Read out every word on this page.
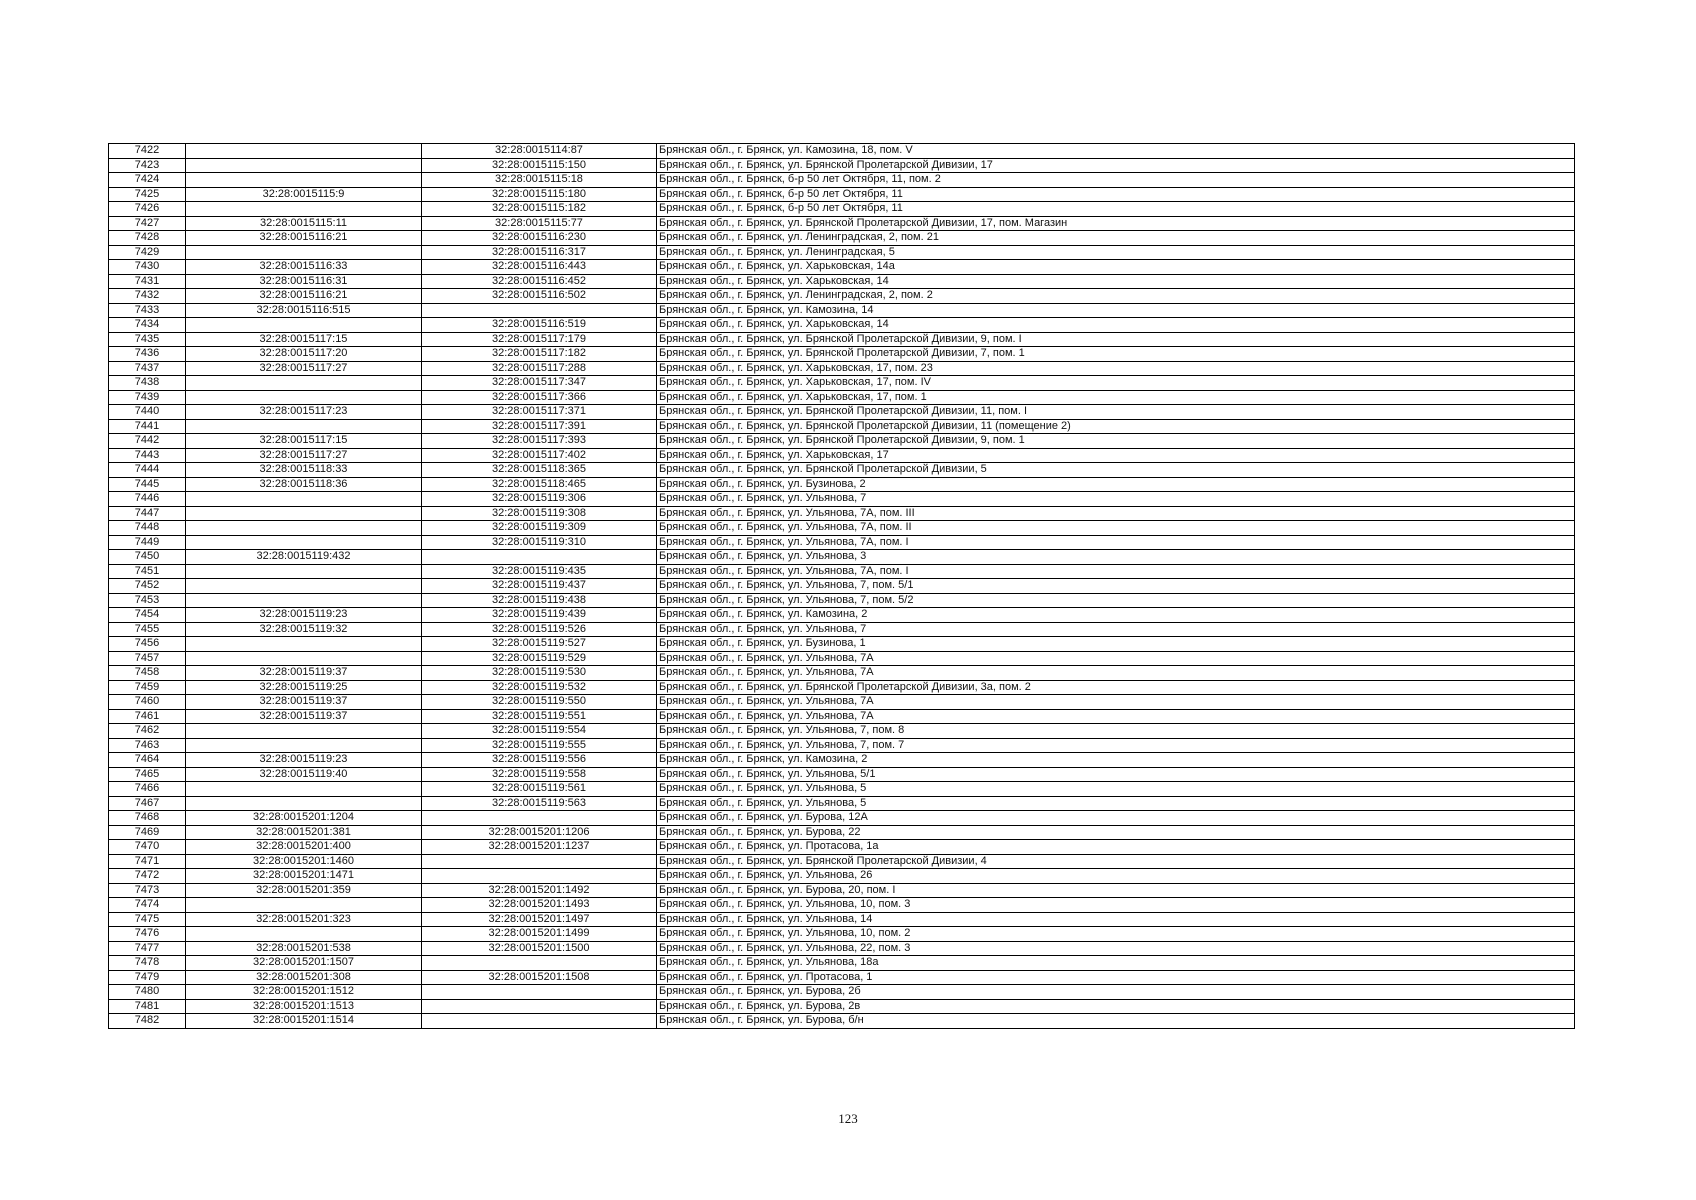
7422		32:28:0015114:87	Брянская обл., г. Брянск, ул. Камозина, 18, пом. V
7423		32:28:0015115:150	Брянская обл., г. Брянск, ул. Брянской Пролетарской Дивизии, 17
7424		32:28:0015115:18	Брянская обл., г. Брянск, б-р 50 лет Октября, 11, пом. 2
7425	32:28:0015115:9	32:28:0015115:180	Брянская обл., г. Брянск, б-р 50 лет Октября, 11
7426		32:28:0015115:182	Брянская обл., г. Брянск, б-р 50 лет Октября, 11
7427	32:28:0015115:11	32:28:0015115:77	Брянская обл., г. Брянск, ул. Брянской Пролетарской Дивизии, 17, пом. Магазин
7428	32:28:0015116:21	32:28:0015116:230	Брянская обл., г. Брянск, ул. Ленинградская, 2, пом. 21
7429		32:28:0015116:317	Брянская обл., г. Брянск, ул. Ленинградская, 5
7430	32:28:0015116:33	32:28:0015116:443	Брянская обл., г. Брянск, ул. Харьковская, 14а
7431	32:28:0015116:31	32:28:0015116:452	Брянская обл., г. Брянск, ул. Харьковская, 14
7432	32:28:0015116:21	32:28:0015116:502	Брянская обл., г. Брянск, ул. Ленинградская, 2, пом. 2
7433	32:28:0015116:515		Брянская обл., г. Брянск, ул. Камозина, 14
7434		32:28:0015116:519	Брянская обл., г. Брянск, ул. Харьковская, 14
7435	32:28:0015117:15	32:28:0015117:179	Брянская обл., г. Брянск, ул. Брянской Пролетарской Дивизии, 9, пом. I
7436	32:28:0015117:20	32:28:0015117:182	Брянская обл., г. Брянск, ул. Брянской Пролетарской Дивизии, 7, пом. 1
7437	32:28:0015117:27	32:28:0015117:288	Брянская обл., г. Брянск, ул. Харьковская, 17, пом. 23
7438		32:28:0015117:347	Брянская обл., г. Брянск, ул. Харьковская, 17, пом. IV
7439		32:28:0015117:366	Брянская обл., г. Брянск, ул. Харьковская, 17, пом. 1
7440	32:28:0015117:23	32:28:0015117:371	Брянская обл., г. Брянск, ул. Брянской Пролетарской Дивизии, 11, пом. I
7441		32:28:0015117:391	Брянская обл., г. Брянск, ул. Брянской Пролетарской Дивизии, 11 (помещение 2)
7442	32:28:0015117:15	32:28:0015117:393	Брянская обл., г. Брянск, ул. Брянской Пролетарской Дивизии, 9, пом. 1
7443	32:28:0015117:27	32:28:0015117:402	Брянская обл., г. Брянск, ул. Харьковская, 17
7444	32:28:0015118:33	32:28:0015118:365	Брянская обл., г. Брянск, ул. Брянской Пролетарской Дивизии, 5
7445	32:28:0015118:36	32:28:0015118:465	Брянская обл., г. Брянск, ул. Бузинова, 2
7446		32:28:0015119:306	Брянская обл., г. Брянск, ул. Ульянова, 7
7447		32:28:0015119:308	Брянская обл., г. Брянск, ул. Ульянова, 7А, пом. III
7448		32:28:0015119:309	Брянская обл., г. Брянск, ул. Ульянова, 7А, пом. II
7449		32:28:0015119:310	Брянская обл., г. Брянск, ул. Ульянова, 7А, пом. I
7450	32:28:0015119:432		Брянская обл., г. Брянск, ул. Ульянова, 3
7451		32:28:0015119:435	Брянская обл., г. Брянск, ул. Ульянова, 7А, пом. I
7452		32:28:0015119:437	Брянская обл., г. Брянск, ул. Ульянова, 7, пом. 5/1
7453		32:28:0015119:438	Брянская обл., г. Брянск, ул. Ульянова, 7, пом. 5/2
7454	32:28:0015119:23	32:28:0015119:439	Брянская обл., г. Брянск, ул. Камозина, 2
7455	32:28:0015119:32	32:28:0015119:526	Брянская обл., г. Брянск, ул. Ульянова, 7
7456		32:28:0015119:527	Брянская обл., г. Брянск, ул. Бузинова, 1
7457		32:28:0015119:529	Брянская обл., г. Брянск, ул. Ульянова, 7А
7458	32:28:0015119:37	32:28:0015119:530	Брянская обл., г. Брянск, ул. Ульянова, 7А
7459	32:28:0015119:25	32:28:0015119:532	Брянская обл., г. Брянск, ул. Брянской Пролетарской Дивизии, 3а, пом. 2
7460	32:28:0015119:37	32:28:0015119:550	Брянская обл., г. Брянск, ул. Ульянова, 7А
7461	32:28:0015119:37	32:28:0015119:551	Брянская обл., г. Брянск, ул. Ульянова, 7А
7462		32:28:0015119:554	Брянская обл., г. Брянск, ул. Ульянова, 7, пом. 8
7463		32:28:0015119:555	Брянская обл., г. Брянск, ул. Ульянова, 7, пом. 7
7464	32:28:0015119:23	32:28:0015119:556	Брянская обл., г. Брянск, ул. Камозина, 2
7465	32:28:0015119:40	32:28:0015119:558	Брянская обл., г. Брянск, ул. Ульянова, 5/1
7466		32:28:0015119:561	Брянская обл., г. Брянск, ул. Ульянова, 5
7467		32:28:0015119:563	Брянская обл., г. Брянск, ул. Ульянова, 5
7468	32:28:0015201:1204		Брянская обл., г. Брянск, ул. Бурова, 12А
7469	32:28:0015201:381	32:28:0015201:1206	Брянская обл., г. Брянск, ул. Бурова, 22
7470	32:28:0015201:400	32:28:0015201:1237	Брянская обл., г. Брянск, ул. Протасова, 1а
7471	32:28:0015201:1460		Брянская обл., г. Брянск, ул. Брянской Пролетарской Дивизии, 4
7472	32:28:0015201:1471		Брянская обл., г. Брянск, ул. Ульянова, 26
7473	32:28:0015201:359	32:28:0015201:1492	Брянская обл., г. Брянск, ул. Бурова, 20, пом. I
7474		32:28:0015201:1493	Брянская обл., г. Брянск, ул. Ульянова, 10, пом. 3
7475	32:28:0015201:323	32:28:0015201:1497	Брянская обл., г. Брянск, ул. Ульянова, 14
7476		32:28:0015201:1499	Брянская обл., г. Брянск, ул. Ульянова, 10, пом. 2
7477	32:28:0015201:538	32:28:0015201:1500	Брянская обл., г. Брянск, ул. Ульянова, 22, пом. 3
7478	32:28:0015201:1507		Брянская обл., г. Брянск, ул. Ульянова, 18а
7479	32:28:0015201:308	32:28:0015201:1508	Брянская обл., г. Брянск, ул. Протасова, 1
7480	32:28:0015201:1512		Брянская обл., г. Брянск, ул. Бурова, 2б
7481	32:28:0015201:1513		Брянская обл., г. Брянск, ул. Бурова, 2в
7482	32:28:0015201:1514		Брянская обл., г. Брянск, ул. Бурова, б/н
123
